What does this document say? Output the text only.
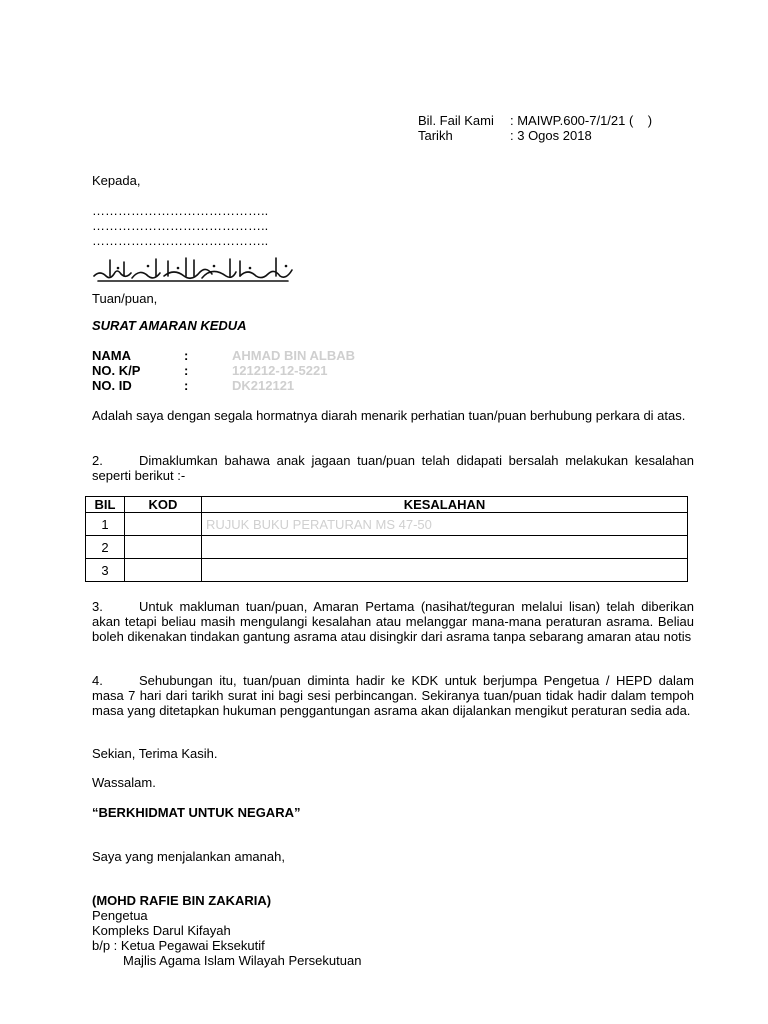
Bil. Fail Kami	: MAIWP.600-7/1/21 (    )
Tarikh	: 3 Ogos 2018
Kepada,
…………………………………..
…………………………………..
…………………………………..
Tuan/puan,
SURAT AMARAN KEDUA
NAMA	:	AHMAD BIN ALBAB
NO. K/P	:	121212-12-5221
NO. ID	:	DK212121
Adalah saya dengan segala hormatnya diarah menarik perhatian tuan/puan berhubung perkara di atas.
2.	Dimaklumkan bahawa anak jagaan tuan/puan telah didapati bersalah melakukan kesalahan seperti berikut :-
BIL	KOD	KESALAHAN
1		RUJUK BUKU PERATURAN MS 47-50
2		
3		
3.	Untuk makluman tuan/puan, Amaran Pertama (nasihat/teguran melalui lisan) telah diberikan akan tetapi beliau masih mengulangi kesalahan atau melanggar mana-mana peraturan asrama. Beliau boleh dikenakan tindakan gantung asrama atau disingkir dari asrama tanpa sebarang amaran atau notis
4.	Sehubungan itu, tuan/puan diminta hadir ke KDK untuk berjumpa Pengetua / HEPD dalam masa 7 hari dari tarikh surat ini bagi sesi perbincangan. Sekiranya tuan/puan tidak hadir dalam tempoh masa yang ditetapkan hukuman penggantungan asrama akan dijalankan mengikut peraturan sedia ada.
Sekian, Terima Kasih.
Wassalam.
“BERKHIDMAT UNTUK NEGARA”
Saya yang menjalankan amanah,
(MOHD RAFIE BIN ZAKARIA)
Pengetua
Kompleks Darul Kifayah
b/p : Ketua Pegawai Eksekutif
Majlis Agama Islam Wilayah Persekutuan
